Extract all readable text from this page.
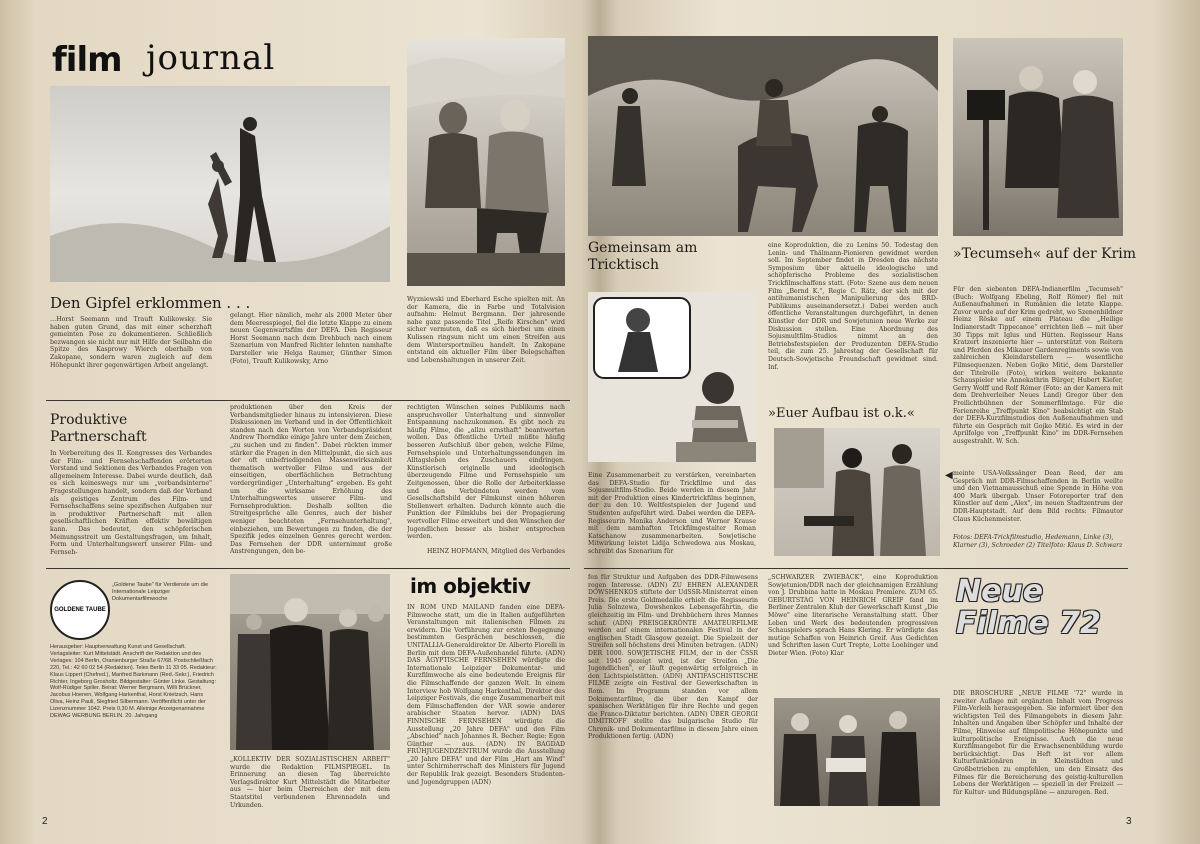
film journal
Den Gipfel erklommen . . .
…Horst Seemann und Trauft Kulikowsky. Sie haben guten Grund, das mit einer scherzhaft gemeinten Pose zu dokumentieren. Schließlich bezwangen sie nicht nur mit Hilfe der Seilbahn die Spitze des Kasprowy Wierch oberhalb von Zakopane, sondern waren zugleich auf dem Höhepunkt ihrer gegenwärtigen Arbeit angelangt.
gelangt. Hier nämlich, mehr als 2000 Meter über dem Meeresspiegel, fiel die letzte Klappe zu einem neuen Gegenwartsfilm der DEFA. Den Regisseur Horst Seemann nach dem Drehbuch nach einem Szenarium von Manfred Richter lehnten namhafte Darsteller wie Helga Raumer, Günther Simon (Foto), Trauft Kulikowsky, Arno
Wyzniewski und Eberhard Esche spielten mit. An der Kamera, die in Farbe und Totalvision aufnahm: Helmut Bergmann. Der jahresende nahe ganz passende Titel „Reife Kirschen" wird sicher vermuten, daß es sich hierbei um einen Kulissen ringsum nicht um einen Streifen aus dem Wintersportmilieu handelt. In Zakopane entstand ein aktueller Film über Belegschaften und Lebenshaltungen in unserer Zeit.
Produktive Partnerschaft
In Vorbereitung des II. Kongresses des Verbandes der Film- und Fernsehschaffenden erörterten Vorstand und Sektionen des Verbandes Fragen von allgemeinem Interesse. Dabei wurde deutlich, daß es sich keineswegs nur um „verbandsinterne" Fragestellungen handelt, sondern daß der Verband als geistiges Zentrum des Film- und Fernsehschaffens seine spezifischen Aufgaben nur in produktiver Partnerschaft mit allen gesellschaftlichen Kräften effektiv bewältigen kann. Das bedeutet, den schöpferischen Meinungsstreit um Gestaltungsfragen, um Inhalt, Form und Unterhaltungswert unserer Film- und Fernseh-
produktionen über den Kreis der Verbandsmitglieder hinaus zu intensivieren. Diese Diskussionen im Verband und in der Öffentlichkeit standen nach den Worten von Verbandspräsident Andrew Thorndike einige Jahre unter dem Zeichen, „zu suchen und zu finden". Dabei rückten immer stärker die Fragen in den Mittelpunkt, die sich aus der oft unbefriedigenden Massenwirksamkeit thematisch wertvoller Filme und aus der einseitigen, oberflächlichen Betrachtung vordergründiger „Unterhaltung" ergeben. Es geht um die wirksame Erhöhung des Unterhaltungswertes unserer Film- und Fernsehproduktion. Deshalb sollten die Streitgespräche alle Genres, auch der bisher weniger beachteten „Fernsehunterhaltung", einbeziehen, um Bewertungen zu finden, die der Spezifik jedes einzelnen Genres gerecht werden. Das Fernsehen der DDR unternimmt große Anstrengungen, den be-
rechtigten Wünschen seines Publikums nach anspruchsvoller Unterhaltung und sinnvoller Entspannung nachzukommen. Es gibt noch zu häufig Filme, die „allzu ernsthaft" beantworten wollen. Das öffentliche Urteil müßte häufig besseren Aufschluß über geben, welche Filme, Fernsehspiele und Unterhaltungssendungen im Alltagsleben des Zuschauers eindringen. Künstlerisch originelle und ideologisch überzeugende Filme und Fernsehspiele um Zeitgenossen, über die Rolle der Arbeiterklasse und den Verbündeten werden vom Gesellschaftsbild der Filmkunst einen höheren Stellenwert erhalten. Dadurch könnte auch die Funktion der Filmklubs bei der Propagierung wertvoller Filme erweitert und den Wünschen der Jugendlichen besser als bisher entsprochen werden.
HEINZ HOFMANN, Mitglied des Verbandes
GOLDENE TAUBE
„Goldene Taube" für Verdienste um die Internationale Leipziger Dokumentarfilmwoche
Herausgeber: Hauptverwaltung Kunst und Gesellschaft. Verlagsleiter: Kurt Mittelstädt. Anschrift der Redaktion und des Verlages: 104 Berlin, Oranienburger Straße 67/68. Postschließfach 220, Tel.: 42 60 02 54 (Redaktion). Telex Berlin 11 33 05. Redakteur: Klaus Lippert (Chefred.), Manfred Barkmann (Red.-Sekr.), Friedrich Richter, Ingeborg Grosholtz. Bildgestalter: Günter Linke. Gestaltung: Wolf-Rüdiger Spiller. Beirat: Werner Bergmann, Willi Brückner, Jacobus Hoenen, Wolfgang Harkenthal, Horst Knietzsch, Hans Oliva, Heinz Pauli, Siegfried Silbermann. Veröffentlicht unter der Lizenznummer 1042. Preis 0,30 M. Alleinige Anzeigenannahme DEWAG WERBUNG BERLIN. 20. Jahrgang
„KOLLEKTIV DER SOZIALISTISCHEN ARBEIT" wurde die Redaktion FILMSPIEGEL. In Erinnerung an diesen Tag überreichte Verlagsdirektor Kurt Mittelstädt die Mitarbeiter aus — hier beim Überreichen der mit dem Staatstitel verbundenen Ehrennadeln und Urkunden.
im objektiv
IN ROM UND MAILAND fanden eine DEFA-Filmwoche statt, um die in Italien aufgeführten Veranstaltungen mit italienischen Filmen zu erwidern. Die Vorführung zur ersten Begegnung bestimmten Gesprächen beschlossen, die UNITALLIA-Generaldirektor Dr. Alberto Fiorelli in Berlin mit dem DEFA-Außenhandel führte. (ADN) DAS ÄGYPTISCHE FERNSEHEN würdigte die Internationale Leipziger Dokumentar- und Kurzfilmwoche als eine bedeutende Ereignis für die Filmschaffende der ganzen Welt. In einem Interview hob Wolfgang Harkenthal, Direktor des Leipziger Festivals, die enge Zusammenarbeit mit dem Filmschaffenden der VAR sowie anderer arabischer Staaten hervor. (ADN) DAS FINNISCHE FERNSEHEN würdigte die Ausstellung „20 Jahre DEFA" und den Film „Abschied" nach Johannes R. Becher. Regie: Egon Günther — aus. (ADN) IN BAGDAD FRÜHJUGENDZENTRUM wurde die Ausstellung „20 Jahre DEFA" und der Film „Hart am Wind" unter Schirmherrschaft des Ministers für Jugend der Republik Irak gezeigt. Besonders Studenten- und Jugendgruppen (ADN)
2
Gemeinsam am Tricktisch
eine Koproduktion, die zu Lenins 50. Todestag den Lenin- und Thälmann-Pionieren gewidmet werden soll. Im September findet in Dresden das nächste Symposium über aktuelle ideologische und schöpferische Probleme des sozialistischen Trickfilmschaffens statt. (Foto: Szene aus dem neuen Film „Bernd K.", Regie C. Rätz, der sich mit der antihumanistischen Manipulierung des BRD-Publikums auseinandersetzt.) Dabei werden auch öffentliche Veranstaltungen durchgeführt, in denen Künstler der DDR und Sowjetunion neue Werke zur Diskussion stellen. Eine Abordnung des Sojusmultfilm-Studios nimmt an den Betriebsfestspielen der Produzenten DEFA-Studio teil, die zum 25. Jahrestag der Gesellschaft für Deutsch-Sowjetische Freundschaft gewidmet sind. Inf.
Eine Zusammenarbeit zu verstärken, vereinbarten das DEFA-Studio für Trickfilme und das Sojusmultfilm-Studio. Beide werden in diesem Jahr mit der Produktion eines Kindertrickfilms beginnen, der zu den 10. Weltfestspielen der Jugend und Studenten aufgeführt wird. Dabei werden die DEFA-Regisseurin Monika Anderson und Werner Krause mit dem namhaften Trickfilmgestalter Roman Katschanow zusammenarbeiten. Sowjetische Mitwirkung leistet Lidija Schwedowa aus Moskau, schreibt das Szenarium für
»Euer Aufbau ist o.k.«
◀
»Tecumseh« auf der Krim
Für den siebenten DEFA-Indianerfilm „Tecumseh" (Buch: Wolfgang Ebeling, Rolf Römer) fiel mit Außenaufnahmen in Rumänien die letzte Klappe. Zuvor wurde auf der Krim gedreht, wo Szenenbildner Heinz Röske auf einem Plateau die „Heilige Indianerstadt Tippecanoe" errichten ließ — mit über 30 Tipps mit Iglus und Hütten. Regisseur Hans Kratzert inszenierte hier — unterstützt von Reitern und Pferden des Mikauer Gardenregiments sowie von zahlreichen Kleindarstellern — wesentliche Filmsequenzen. Neben Gojko Mitić, dem Darsteller der Titelrolle (Foto), wirken weitere bekannte Schauspieler wie Annekathrin Bürger, Hubert Kiefer, Gerry Wolff und Rolf Römer (Foto: an der Kamera mit dem Drehverleiher Neues Land) Gregor über den Freilichtbühnen der Sommerfilmtage. Für die Ferienreihe „Treffpunkt Kino" beabsichtigt ein Stab der DEFA-Kurzfilmstudios den Außenaufnahmen und führte ein Gespräch mit Gojko Mitić. Es wird in der Aprilfolge von „Treffpunkt Kino" im DDR-Fernsehen ausgestrahlt. W. Sch.
meinte USA-Volkssänger Dean Reed, der am Gespräch mit DDR-Filmschaffenden in Berlin weilte und den Vietnamausschuß eine Spende in Höhe von 400 Mark übergab. Unser Fotoreporter traf den Künstler auf dem „Alex", im neuen Stadtzentrum der DDR-Hauptstadt. Auf dem Bild rechts: Filmautor Claus Küchenmeister.
Fotos: DEFA-Trickfilmstudio, Hedemann, Linke (3), Klarner (3), Schroeder (2) Titelfoto: Klaus D. Schwarz
fen für Struktur und Aufgaben des DDR-Filmwesens regen Interesse. (ADN) ZU EHREN ALEXANDER DOWSHENKOS stiftete der UdSSR-Ministerrat einen Preis. Die erste Goldmedaille erhielt die Regisseurin Julia Solnzewa, Dowshenkos Lebensgefährtin, die gleichzeitig im Film- und Drehbüchern ihres Mannes schuf. (ADN) PREISGEKRÖNTE AMATEURFILME werden auf einem internationalen Festival in der englischen Stadt Glasgow gezeigt. Die Spielzeit der Streifen soll höchstens drei Minuten betragen. (ADN) DER 1000. SOWJETISCHE FILM, der in der ČSSR seit 1945 gezeigt wird, ist der Streifen „Die Jugendlichen", er läuft gegenwärtig erfolgreich in den Lichtspielstätten. (ADN) ANTIFASCHISTISCHE FILME zeigte ein Festival der Gewerkschaften in Rom. Im Programm standen vor allem Dokumentarfilme, die über den Kampf der spanischen Werktätigen für ihre Rechte und gegen die Franco-Diktatur berichten. (ADN) ÜBER GEORGI DIMITROFF stellte das bulgarische Studio für Chronik- und Dokumentarfilme in diesem Jahre einen Produktionen fertig. (ADN)
„SCHWARZER ZWIEBACK", eine Koproduktion Sowjetunion/DDR nach der gleichnamigen Erzählung von J. Drubbina hatte in Moskau Premiere. ZUM 65. GEBURTSTAG VON HEINRICH GREIF fand im Berliner Zentralen Klub der Gewerkschaft Kunst „Die Möwe" eine literarische Veranstaltung statt. Über Leben und Werk des bedeutenden progressiven Schauspielers sprach Hans Klering. Er würdigte das mutige Schaffen von Heinrich Greif. Aus Gedichten und Schriften lasen Curt Trepte, Lotte Loebinger und Dieter Wien. (Foto) Klar
Neue Filme 72
DIE BROSCHÜRE „NEUE FILME '72" wurde in zweiter Auflage mit ergänzten Inhalt vom Progress Film-Verleih herausgegeben. Sie informiert über den wichtigsten Teil des Filmangebots in diesem Jahr. Inhalten und Angaben über Schöpfer und Inhalte der Filme, Hinweise auf filmpolitische Höhepunkte und kulturpolitische Ereignisse. Auch die neue Kurzfilmangebot für die Erwachsenenbildung wurde berücksichtigt. Das Heft ist vor allem Kulturfunktionären in Kleinstädten und Großbetrieben zu empfehlen, um den Einsatz des Filmes für die Bereicherung des geistig-kulturellen Lebens der Werktätigen — speziell in der Freizeit — für Kultur- und Bildungspläne — anzuregen. Red.
3
